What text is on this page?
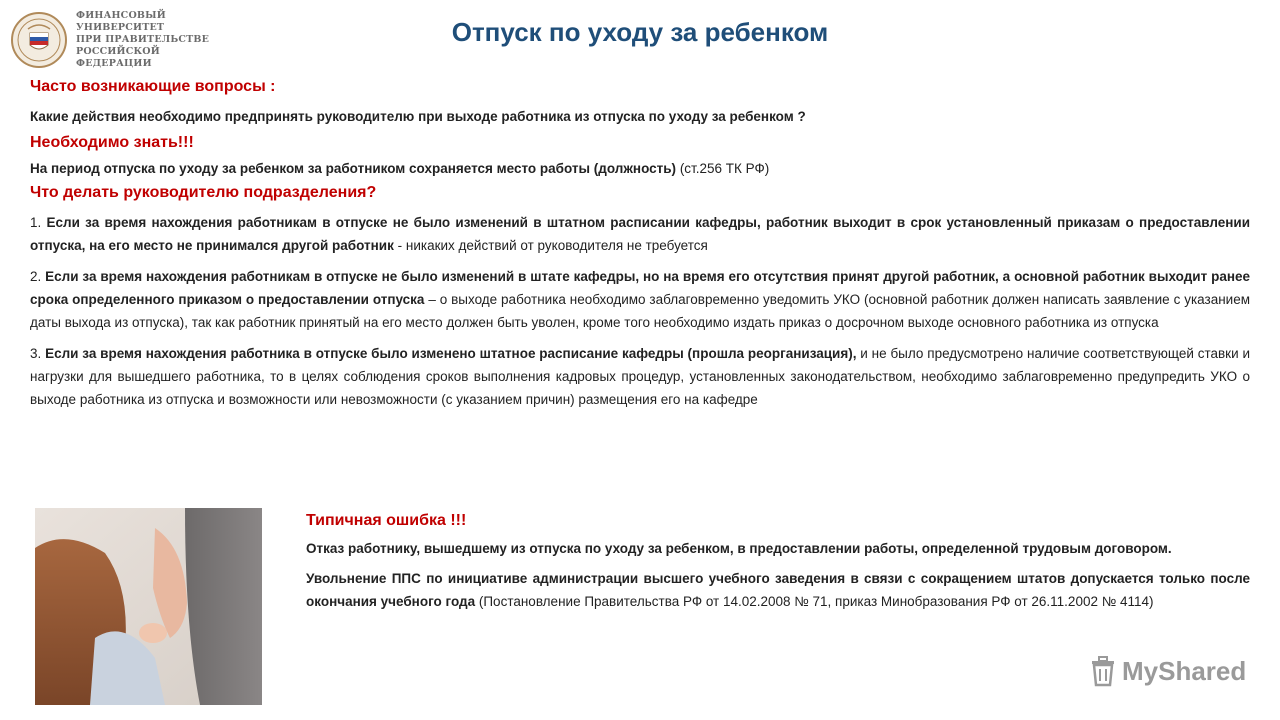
ФИНАНСОВЫЙ УНИВЕРСИТЕТ
ПРИ ПРАВИТЕЛЬСТВЕ
РОССИЙСКОЙ ФЕДЕРАЦИИ
Отпуск по уходу за ребенком

Часто возникающие вопросы :

Какие действия необходимо предпринять руководителю при выходе работника из отпуска по уходу за ребенком ?

Необходимо знать!!!

На период отпуска по уходу за ребенком за работником сохраняется место работы (должность) (ст.256 ТК РФ)

Что делать руководителю подразделения?

1. Если за время нахождения работникам в отпуске не было изменений в штатном расписании кафедры, работник выходит в срок установленный приказам о предоставлении отпуска, на его место не принимался другой работник - никаких действий от руководителя не требуется

2. Если за время нахождения работникам в отпуске не было изменений в штате кафедры, но на время его отсутствия принят другой работник, а основной работник выходит ранее срока определенного приказом о предоставлении отпуска – о выходе работника необходимо заблаговременно уведомить УКО (основной работник должен написать заявление с указанием даты выхода из отпуска), так как работник принятый на его место должен быть уволен, кроме того необходимо издать приказ о досрочном выходе основного работника из отпуска

3. Если за время нахождения работника в отпуске было изменено штатное расписание кафедры (прошла реорганизация), и не было предусмотрено наличие соответствующей ставки и нагрузки для вышедшего работника, то в целях соблюдения сроков выполнения кадровых процедур, установленных законодательством, необходимо заблаговременно предупредить УКО о выходе работника из отпуска и возможности или невозможности (с указанием причин) размещения его на кафедре

Типичная ошибка !!!

Отказ работнику, вышедшему из отпуска по уходу за ребенком, в предоставлении работы, определенной трудовым договором.

Увольнение ППС по инициативе администрации высшего учебного заведения в связи с сокращением штатов допускается только после окончания учебного года (Постановление Правительства РФ от 14.02.2008 № 71, приказ Минобразования РФ от 26.11.2002 № 4114)

MyShared
